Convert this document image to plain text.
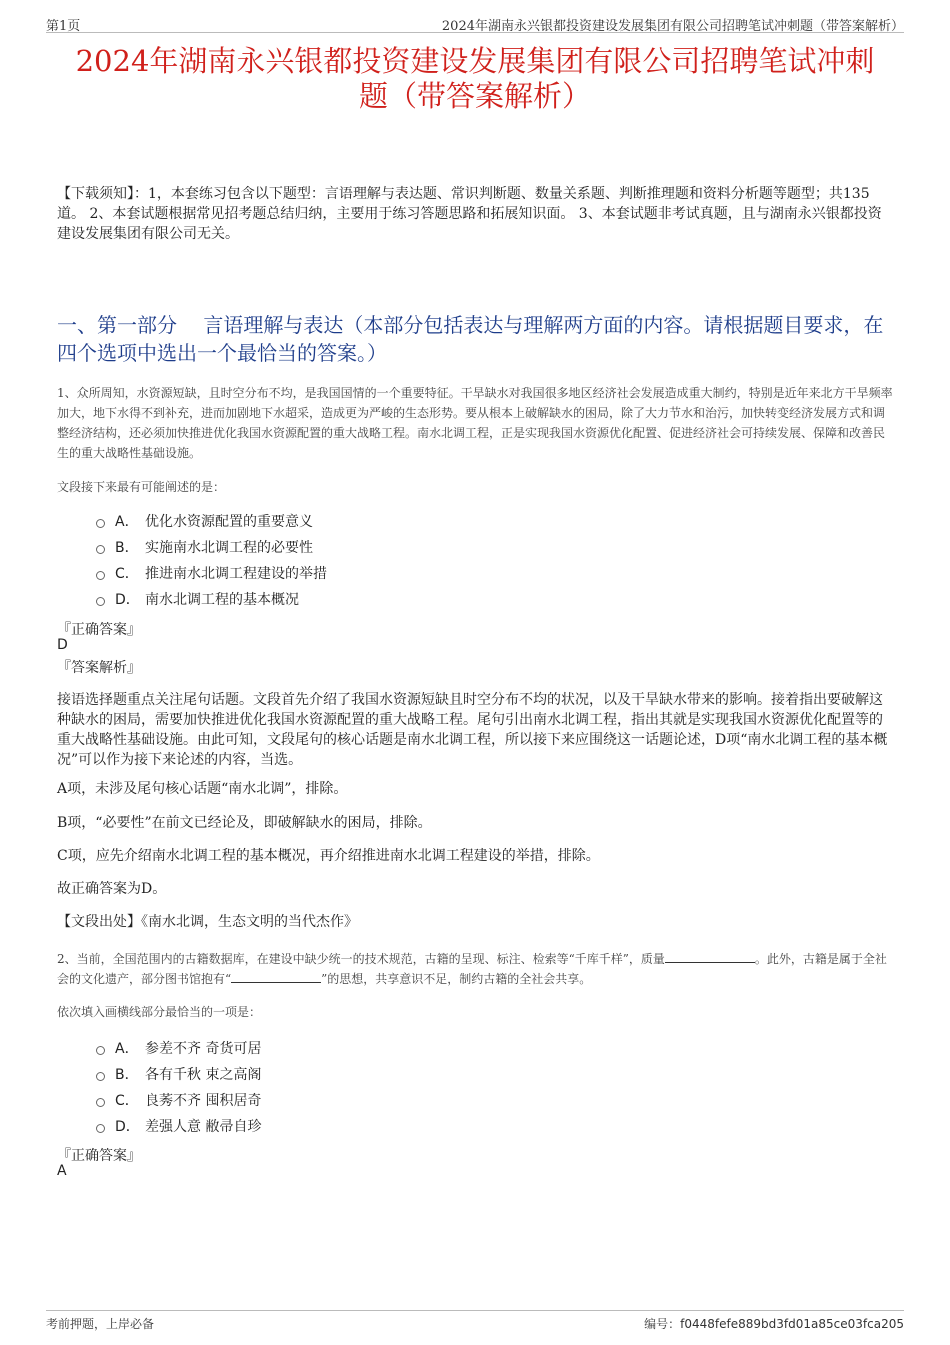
第1页	2024年湖南永兴银都投资建设发展集团有限公司招聘笔试冲刺题（带答案解析）
2024年湖南永兴银都投资建设发展集团有限公司招聘笔试冲刺
题（带答案解析）
【下载须知】：1，本套练习包含以下题型：言语理解与表达题、常识判断题、数量关系题、判断推理题和资料分析题等题型；共135道。 2、本套试题根据常见招考题总结归纳，主要用于练习答题思路和拓展知识面。 3、本套试题非考试真题，且与湖南永兴银都投资建设发展集团有限公司无关。
一、第一部分　 言语理解与表达（本部分包括表达与理解两方面的内容。请根据题目要求，在四个选项中选出一个最恰当的答案。）
1、众所周知，水资源短缺，且时空分布不均，是我国国情的一个重要特征。干旱缺水对我国很多地区经济社会发展造成重大制约，特别是近年来北方干旱频率加大，地下水得不到补充，进而加剧地下水超采，造成更为严峻的生态形势。要从根本上破解缺水的困局，除了大力节水和治污，加快转变经济发展方式和调整经济结构，还必须加快推进优化我国水资源配置的重大战略工程。南水北调工程，正是实现我国水资源优化配置、促进经济社会可持续发展、保障和改善民生的重大战略性基础设施。
文段接下来最有可能阐述的是：
A． 优化水资源配置的重要意义
B． 实施南水北调工程的必要性
C． 推进南水北调工程建设的举措
D． 南水北调工程的基本概况
『正确答案』
D
『答案解析』
接语选择题重点关注尾句话题。文段首先介绍了我国水资源短缺且时空分布不均的状况，以及干旱缺水带来的影响。接着指出要破解这种缺水的困局，需要加快推进优化我国水资源配置的重大战略工程。尾句引出南水北调工程，指出其就是实现我国水资源优化配置等的重大战略性基础设施。由此可知，文段尾句的核心话题是南水北调工程，所以接下来应围绕这一话题论述，D项“南水北调工程的基本概况”可以作为接下来论述的内容，当选。
A项，未涉及尾句核心话题“南水北调”，排除。
B项，“必要性”在前文已经论及，即破解缺水的困局，排除。
C项，应先介绍南水北调工程的基本概况，再介绍推进南水北调工程建设的举措，排除。
故正确答案为D。
【文段出处】《南水北调，生态文明的当代杰作》
2、当前，全国范围内的古籍数据库，在建设中缺少统一的技术规范，古籍的呈现、标注、检索等“千库千样”，质量	。此外，古籍是属于全社会的文化遗产，部分图书馆抱有“	”的思想，共享意识不足，制约古籍的全社会共享。
依次填入画横线部分最恰当的一项是：
A． 参差不齐 奇货可居
B． 各有千秋 束之高阁
C． 良莠不齐 囤积居奇
D． 差强人意 敝帚自珍
『正确答案』
A
考前押题，上岸必备	编号：f0448fefe889bd3fd01a85ce03fca205
